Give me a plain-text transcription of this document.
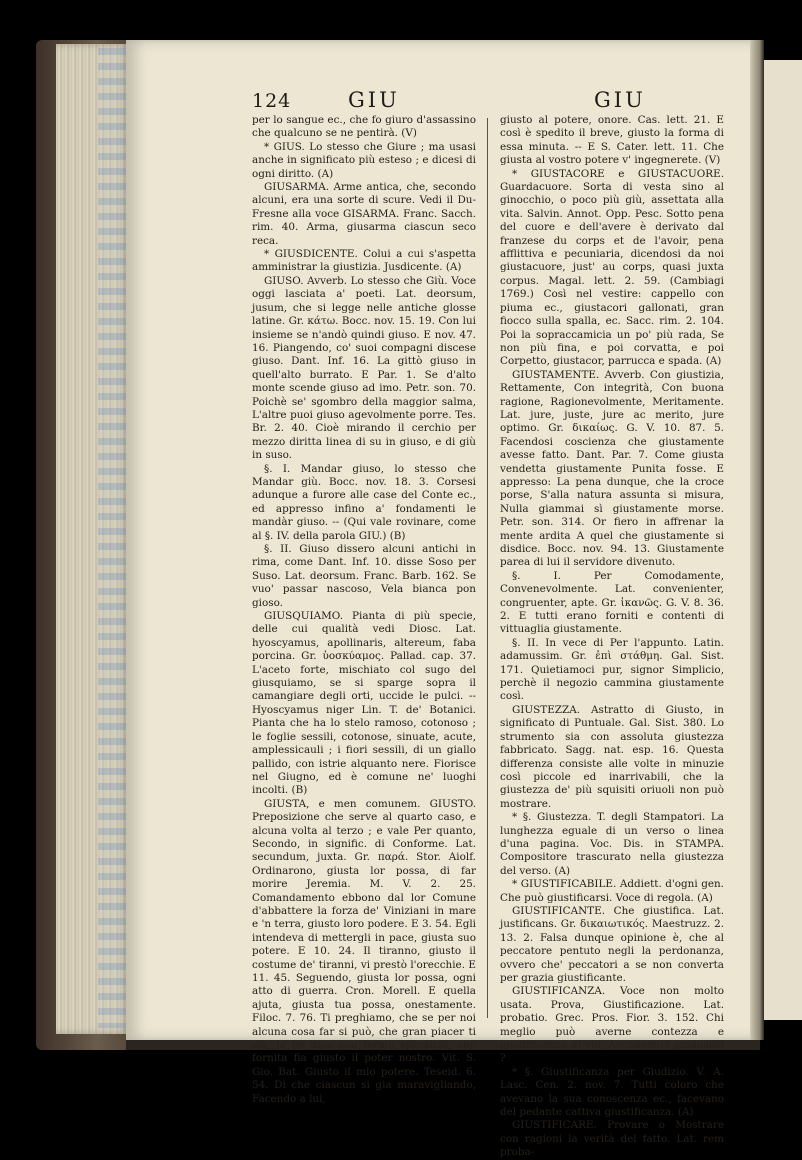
124	GIU	GIU

per lo sangue ec., che fo giuro d'assassino che qualcuno se ne pentirà. (V)

* GIUS. Lo stesso che Giure ; ma usasi anche in significato più esteso ; e dicesi di ogni diritto. (A)

GIUSARMA. Arme antica, che, secondo alcuni, era una sorte di scure. Vedi il Du-Fresne alla voce GISARMA. Franc. Sacch. rim. 40. Arma, giusarma ciascun seco reca.

* GIUSDICENTE. Colui a cui s'aspetta amministrar la giustizia. Jusdicente. (A)

GIUSO. Avverb. Lo stesso che Giù. Voce oggi lasciata a' poeti. Lat. deorsum, jusum, che si legge nelle antiche glosse latine. Gr. κάτω. Bocc. nov. 15. 19. Con lui insieme se n'andò quindi giuso. E nov. 47. 16. Piangendo, co' suoi compagni discese giuso. Dant. Inf. 16. La gittò giuso in quell'alto burrato. E Par. 1. Se d'alto monte scende giuso ad imo. Petr. son. 70. Poichè se' sgombro della maggior salma, L'altre puoi giuso agevolmente porre. Tes. Br. 2. 40. Cioè mirando il cerchio per mezzo diritta linea di su in giuso, e di giù in suso.

§. I. Mandar giuso, lo stesso che Mandar giù. Bocc. nov. 18. 3. Corsesi adunque a furore alle case del Conte ec., ed appresso infino a' fondamenti le mandàr giuso. -- (Qui vale rovinare, come al §. IV. della parola GIU.) (B)

§. II. Giuso dissero alcuni antichi in rima, come Dant. Inf. 10. disse Soso per Suso. Lat. deorsum. Franc. Barb. 162. Se vuo' passar nascoso, Vela bianca pon gioso.

GIUSQUIAMO. Pianta di più specie, delle cui qualità vedi Diosc. Lat. hyoscyamus, apollinaris, altereum, faba porcina. Gr. ὑοσκύαμος. Pallad. cap. 37. L'aceto forte, mischiato col sugo del giusquiamo, se si sparge sopra il camangiare degli orti, uccide le pulci. -- Hyoscyamus niger Lin. T. de' Botanici. Pianta che ha lo stelo ramoso, cotonoso ; le foglie sessili, cotonose, sinuate, acute, amplessicauli ; i fiori sessili, di un giallo pallido, con istrie alquanto nere. Fiorisce nel Giugno, ed è comune ne' luoghi incolti. (B)

GIUSTA, e men comunem. GIUSTO. Preposizione che serve al quarto caso, e alcuna volta al terzo ; e vale Per quanto, Secondo, in signific. di Conforme. Lat. secundum, juxta. Gr. παρά. Stor. Aiolf. Ordinarono, giusta lor possa, di far morire Jeremia. M. V. 2. 25. Comandamento ebbono dal lor Comune d'abbattere la forza de' Viniziani in mare e 'n terra, giusto loro podere. E 3. 54. Egli intendeva di mettergli in pace, giusta suo potere. E 10. 24. Il tiranno, giusto il costume de' tiranni, vi prestò l'orecchie. E 11. 45. Seguendo, giusta lor possa, ogni atto di guerra. Cron. Morell. E quella ajuta, giusta tua possa, onestamente. Filoc. 7. 76. Ti preghiamo, che se per noi alcuna cosa far si può, che gran piacer ti sia, la ne dica con ferma speranza, che fornita fia giusto il poter nostro. Vit. S. Gio. Bat. Giusto il mio potere. Teseid. 6. 54. Di che ciascun si gia maravigliando, Facendo a lui,

giusto al potere, onore. Cas. lett. 21. E così è spedito il breve, giusto la forma di essa minuta. -- E S. Cater. lett. 11. Che giusta al vostro potere v' ingegnerete. (V)

* GIUSTACORE e GIUSTACUORE. Guardacuore. Sorta di vesta sino al ginocchio, o poco più giù, assettata alla vita. Salvin. Annot. Opp. Pesc. Sotto pena del cuore e dell'avere è derivato dal franzese du corps et de l'avoir, pena afflittiva e pecuniaria, dicendosi da noi giustacuore, just' au corps, quasi juxta corpus. Magal. lett. 2. 59. (Cambiagi 1769.) Così nel vestire: cappello con piuma ec., giustacori gallonati, gran fiocco sulla spalla, ec. Sacc. rim. 2. 104. Poi la sopraccamicia un po' più rada, Se non più fina, e poi corvatta, e poi Corpetto, giustacor, parrucca e spada. (A)

GIUSTAMENTE. Avverb. Con giustizia, Rettamente, Con integrità, Con buona ragione, Ragionevolmente, Meritamente. Lat. jure, juste, jure ac merito, jure optimo. Gr. δικαίως. G. V. 10. 87. 5. Facendosi coscienza che giustamente avesse fatto. Dant. Par. 7. Come giusta vendetta giustamente Punita fosse. E appresso: La pena dunque, che la croce porse, S'alla natura assunta si misura, Nulla giammai sì giustamente morse. Petr. son. 314. Or fiero in affrenar la mente ardita A quel che giustamente si disdice. Bocc. nov. 94. 13. Giustamente parea di lui il servidore divenuto.

§. I. Per Comodamente, Convenevolmente. Lat. convenienter, congruenter, apte. Gr. ἱκανῶς. G. V. 8. 36. 2. E tutti erano forniti e contenti di vittuaglia giustamente.

§. II. In vece di Per l'appunto. Latin. adamussim. Gr. ἐπὶ στάθμη. Gal. Sist. 171. Quietiamoci pur, signor Simplicio, perchè il negozio cammina giustamente così.

GIUSTEZZA. Astratto di Giusto, in significato di Puntuale. Gal. Sist. 380. Lo strumento sia con assoluta giustezza fabbricato. Sagg. nat. esp. 16. Questa differenza consiste alle volte in minuzie così piccole ed inarrivabili, che la giustezza de' più squisiti oriuoli non può mostrare.

* §. Giustezza. T. degli Stampatori. La lunghezza eguale di un verso o linea d'una pagina. Voc. Dis. in STAMPA. Compositore trascurato nella giustezza del verso. (A)

* GIUSTIFICABILE. Addiett. d'ogni gen. Che può giustificarsi. Voce di regola. (A)

GIUSTIFICANTE. Che giustifica. Lat. justificans. Gr. δικαιωτικός. Maestruzz. 2. 13. 2. Falsa dunque opinione è, che al peccatore pentuto negli la perdonanza, ovvero che' peccatori a se non converta per grazia giustificante.

GIUSTIFICANZA. Voce non molto usata. Prova, Giustificazione. Lat. probatio. Grec. Pros. Fior. 3. 152. Chi meglio può averne contezza e giustificanza di voi, Accademici giudiciosi ?

* §. Giustificanza per Giudizio. V. A. Lasc. Cen. 2. nov. 7. Tutti coloro che avevano la sua conoscenza ec., facevano del pedante cattiva giustificanza. (A)

GIUSTIFICARE. Provare o Mostrare con ragioni la verità del fatto. Lat. rem proba-
